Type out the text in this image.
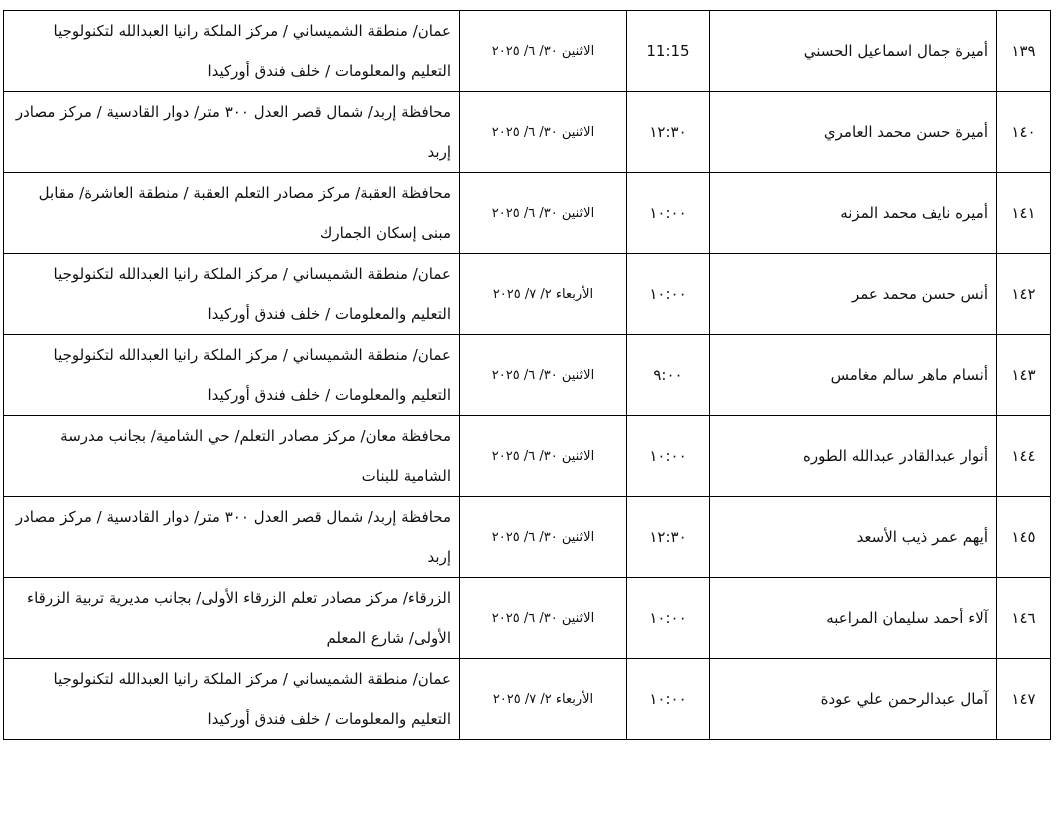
١٣٩	أميرة جمال اسماعيل الحسني	11:15	الاثنين ٣٠/ ٦/ ٢٠٢٥	عمان/ منطقة الشميساني / مركز الملكة رانيا العبدالله لتكنولوجيا التعليم والمعلومات / خلف فندق أوركيدا
١٤٠	أميرة حسن محمد العامري	١٢:٣٠	الاثنين ٣٠/ ٦/ ٢٠٢٥	محافظة إربد/ شمال قصر العدل ٣٠٠ متر/ دوار القادسية / مركز مصادر إربد
١٤١	أميره نايف محمد المزنه	١٠:٠٠	الاثنين ٣٠/ ٦/ ٢٠٢٥	محافظة العقبة/ مركز مصادر التعلم العقبة / منطقة العاشرة/ مقابل مبنى إسكان الجمارك
١٤٢	أنس حسن محمد عمر	١٠:٠٠	الأربعاء ٢/ ٧/ ٢٠٢٥	عمان/ منطقة الشميساني / مركز الملكة رانيا العبدالله لتكنولوجيا التعليم والمعلومات / خلف فندق أوركيدا
١٤٣	أنسام ماهر سالم مغامس	٩:٠٠	الاثنين ٣٠/ ٦/ ٢٠٢٥	عمان/ منطقة الشميساني / مركز الملكة رانيا العبدالله لتكنولوجيا التعليم والمعلومات / خلف فندق أوركيدا
١٤٤	أنوار عبدالقادر عبدالله الطوره	١٠:٠٠	الاثنين ٣٠/ ٦/ ٢٠٢٥	محافظة معان/ مركز مصادر التعلم/ حي الشامية/ بجانب مدرسة الشامية للبنات
١٤٥	أيهم عمر ذيب الأسعد	١٢:٣٠	الاثنين ٣٠/ ٦/ ٢٠٢٥	محافظة إربد/ شمال قصر العدل ٣٠٠ متر/ دوار القادسية / مركز مصادر إربد
١٤٦	آلاء أحمد سليمان المراعبه	١٠:٠٠	الاثنين ٣٠/ ٦/ ٢٠٢٥	الزرقاء/ مركز مصادر تعلم الزرقاء الأولى/ بجانب مديرية تربية الزرقاء الأولى/ شارع المعلم
١٤٧	آمال عبدالرحمن علي عودة	١٠:٠٠	الأربعاء ٢/ ٧/ ٢٠٢٥	عمان/ منطقة الشميساني / مركز الملكة رانيا العبدالله لتكنولوجيا التعليم والمعلومات / خلف فندق أوركيدا
